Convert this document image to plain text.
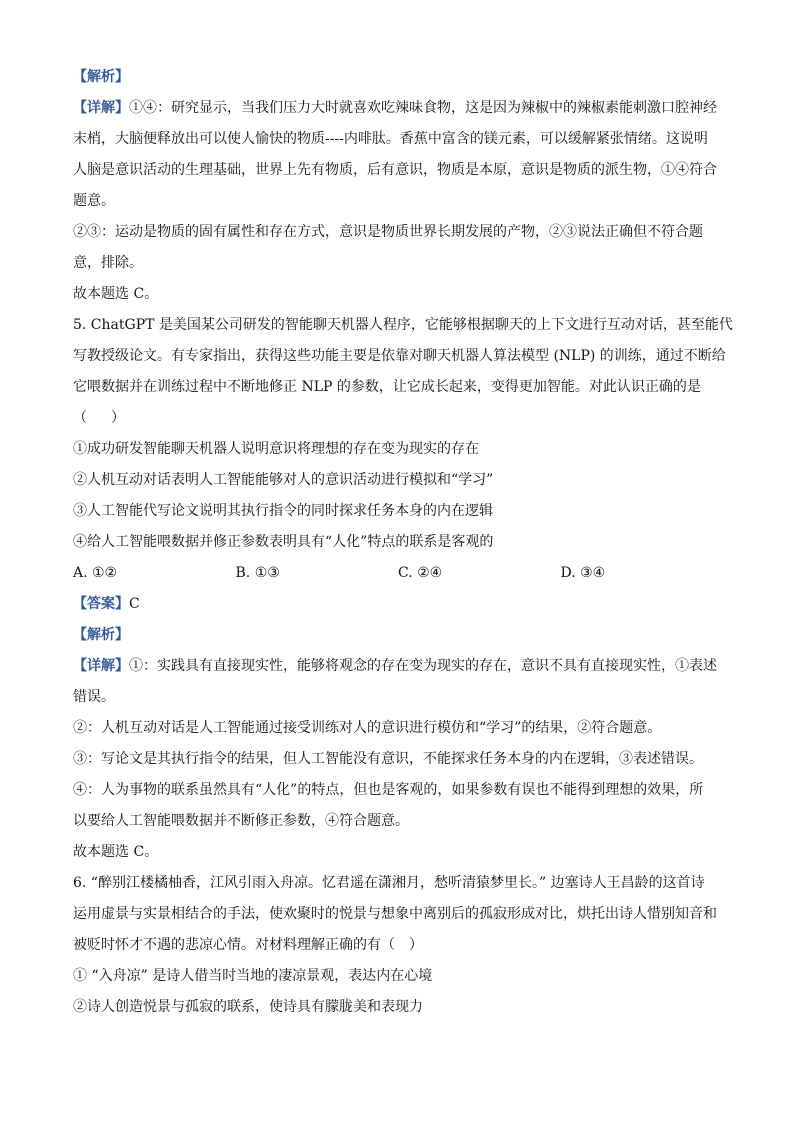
【解析】
【详解】①④：研究显示，当我们压力大时就喜欢吃辣味食物，这是因为辣椒中的辣椒素能刺激口腔神经
末梢，大脑便释放出可以使人愉快的物质----内啡肽。香蕉中富含的镁元素，可以缓解紧张情绪。这说明
人脑是意识活动的生理基础，世界上先有物质，后有意识，物质是本原，意识是物质的派生物，①④符合
题意。
②③：运动是物质的固有属性和存在方式，意识是物质世界长期发展的产物，②③说法正确但不符合题
意，排除。
故本题选 C。
5. ChatGPT 是美国某公司研发的智能聊天机器人程序，它能够根据聊天的上下文进行互动对话，甚至能代
写教授级论文。有专家指出，获得这些功能主要是依靠对聊天机器人算法模型 (NLP) 的训练，通过不断给
它喂数据并在训练过程中不断地修正 NLP 的参数，让它成长起来，变得更加智能。对此认识正确的是
（ ）
①成功研发智能聊天机器人说明意识将理想的存在变为现实的存在
②人机互动对话表明人工智能能够对人的意识活动进行模拟和“学习”
③人工智能代写论文说明其执行指令的同时探求任务本身的内在逻辑
④给人工智能喂数据并修正参数表明具有“人化”特点的联系是客观的
A. ①②	B. ①③	C. ②④	D. ③④
【答案】C
【解析】
【详解】①：实践具有直接现实性，能够将观念的存在变为现实的存在，意识不具有直接现实性，①表述
错误。
②：人机互动对话是人工智能通过接受训练对人的意识进行模仿和“学习”的结果，②符合题意。
③：写论文是其执行指令的结果，但人工智能没有意识，不能探求任务本身的内在逻辑，③表述错误。
④：人为事物的联系虽然具有“人化”的特点，但也是客观的，如果参数有误也不能得到理想的效果，所
以要给人工智能喂数据并不断修正参数，④符合题意。
故本题选 C。
6. “醉别江楼橘柚香，江风引雨入舟凉。忆君遥在潇湘月，愁听清猿梦里长。” 边塞诗人王昌龄的这首诗
运用虚景与实景相结合的手法，使欢聚时的悦景与想象中离别后的孤寂形成对比，烘托出诗人惜别知音和
被贬时怀才不遇的悲凉心情。对材料理解正确的有（　）
① “入舟凉” 是诗人借当时当地的凄凉景观，表达内在心境
②诗人创造悦景与孤寂的联系，使诗具有朦胧美和表现力
